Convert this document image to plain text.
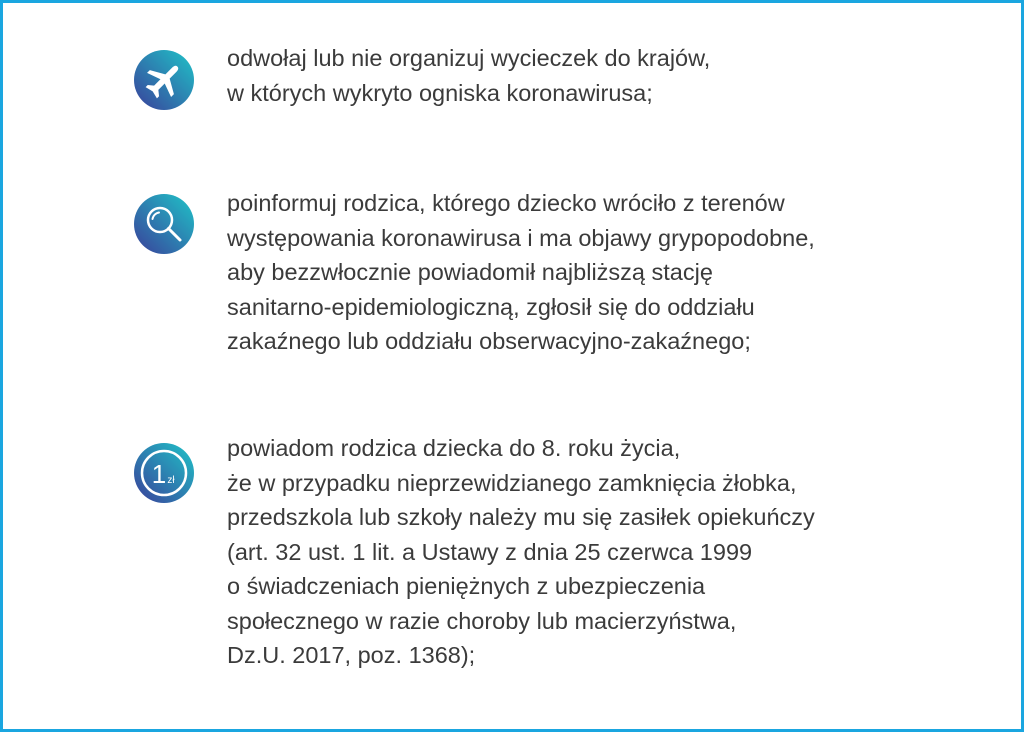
odwołaj lub nie organizuj wycieczek do krajów,
w których wykryto ogniska koronawirusa;
poinformuj rodzica, którego dziecko wróciło z terenów
występowania koronawirusa i ma objawy grypopodobne,
aby bezzwłocznie powiadomił najbliższą stację
sanitarno-epidemiologiczną, zgłosił się do oddziału
zakaźnego lub oddziału obserwacyjno-zakaźnego;
1 zł
powiadom rodzica dziecka do 8. roku życia,
że w przypadku nieprzewidzianego zamknięcia żłobka,
przedszkola lub szkoły należy mu się zasiłek opiekuńczy
(art. 32 ust. 1 lit. a Ustawy z dnia 25 czerwca 1999
o świadczeniach pieniężnych z ubezpieczenia
społecznego w razie choroby lub macierzyństwa,
Dz.U. 2017, poz. 1368);
